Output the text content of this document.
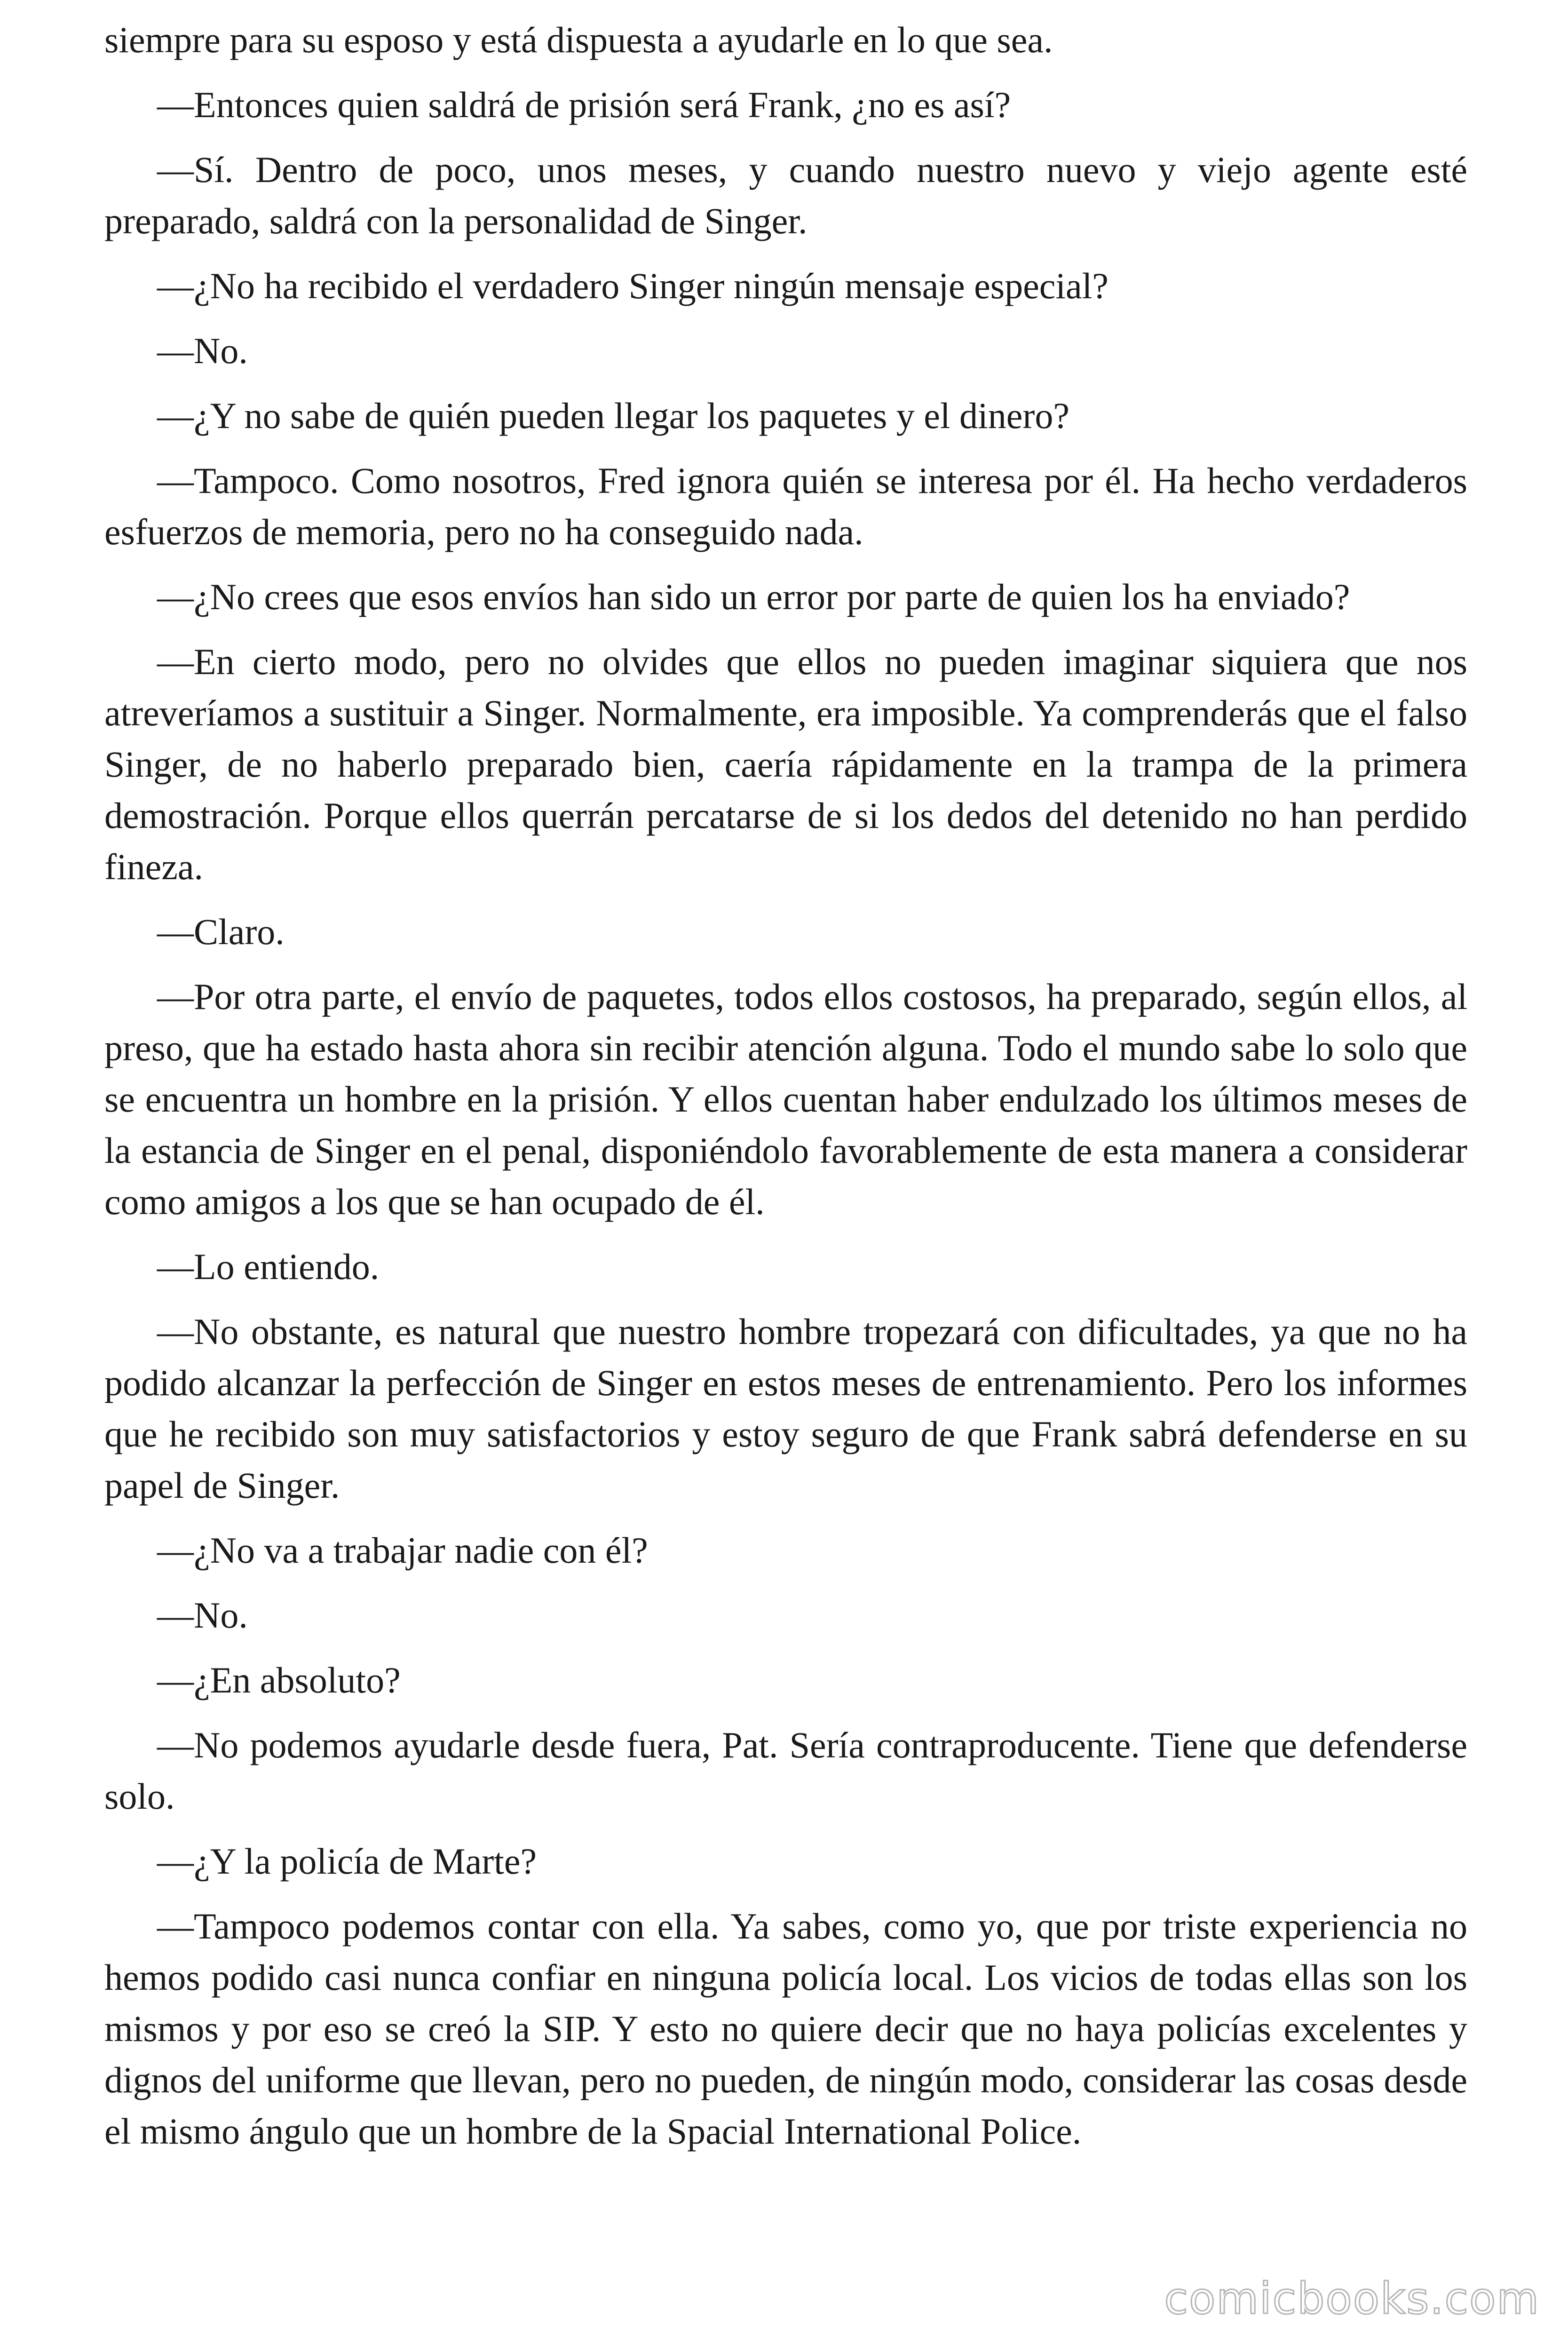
siempre para su esposo y está dispuesta a ayudarle en lo que sea.

—Entonces quien saldrá de prisión será Frank, ¿no es así?

—Sí. Dentro de poco, unos meses, y cuando nuestro nuevo y viejo agente esté preparado, saldrá con la personalidad de Singer.

—¿No ha recibido el verdadero Singer ningún mensaje especial?

—No.

—¿Y no sabe de quién pueden llegar los paquetes y el dinero?

—Tampoco. Como nosotros, Fred ignora quién se interesa por él. Ha hecho verdaderos esfuerzos de memoria, pero no ha conseguido nada.

—¿No crees que esos envíos han sido un error por parte de quien los ha enviado?

—En cierto modo, pero no olvides que ellos no pueden imaginar siquiera que nos atreveríamos a sustituir a Singer. Normalmente, era imposible. Ya comprenderás que el falso Singer, de no haberlo preparado bien, caería rápidamente en la trampa de la primera demostración. Porque ellos querrán percatarse de si los dedos del detenido no han perdido fineza.

—Claro.

—Por otra parte, el envío de paquetes, todos ellos costosos, ha preparado, según ellos, al preso, que ha estado hasta ahora sin recibir atención alguna. Todo el mundo sabe lo solo que se encuentra un hombre en la prisión. Y ellos cuentan haber endulzado los últimos meses de la estancia de Singer en el penal, disponiéndolo favorablemente de esta manera a considerar como amigos a los que se han ocupado de él.

—Lo entiendo.

—No obstante, es natural que nuestro hombre tropezará con dificultades, ya que no ha podido alcanzar la perfección de Singer en estos meses de entrenamiento. Pero los informes que he recibido son muy satisfactorios y estoy seguro de que Frank sabrá defenderse en su papel de Singer.

—¿No va a trabajar nadie con él?

—No.

—¿En absoluto?

—No podemos ayudarle desde fuera, Pat. Sería contraproducente. Tiene que defenderse solo.

—¿Y la policía de Marte?

—Tampoco podemos contar con ella. Ya sabes, como yo, que por triste experiencia no hemos podido casi nunca confiar en ninguna policía local. Los vicios de todas ellas son los mismos y por eso se creó la SIP. Y esto no quiere decir que no haya policías excelentes y dignos del uniforme que llevan, pero no pueden, de ningún modo, considerar las cosas desde el mismo ángulo que un hombre de la Spacial International Police.

comicbooks.com
